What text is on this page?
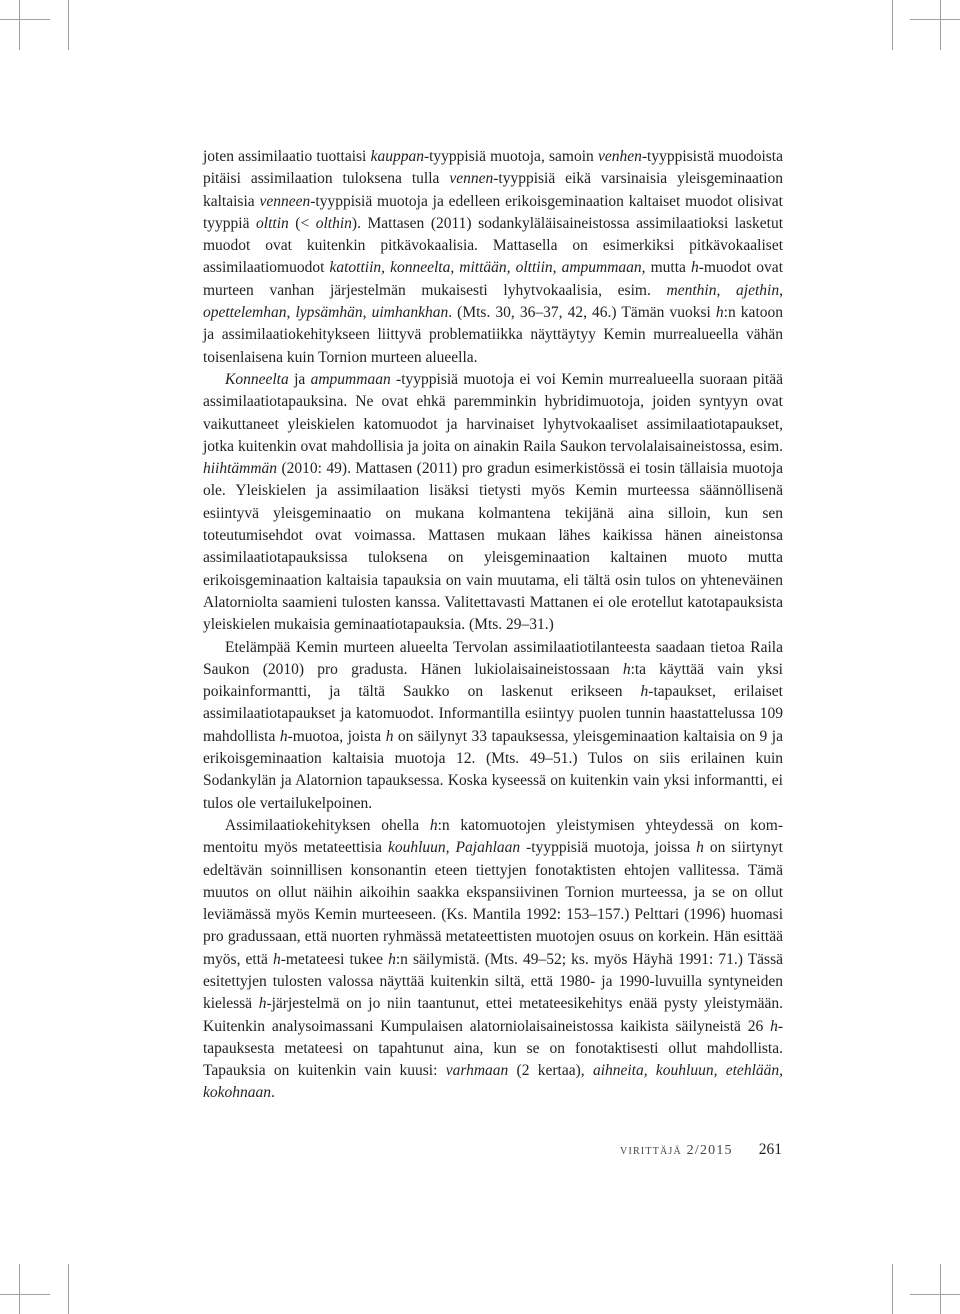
joten assimilaatio tuottaisi kauppan-tyyppisiä muotoja, samoin venhen-tyyppisistä muodoista pitäisi assimilaation tuloksena tulla vennen-tyyppisiä eikä varsinaisia yleisgeminaation kaltaisia venneen-tyyppisiä muotoja ja edelleen erikoisgeminaation kaltaiset muodot olisivat tyyppiä olttin (< olthin). Mattasen (2011) sodankyläläisaineistossa assimilaatioksi lasketut muodot ovat kuitenkin pitkävokaalisia. Mattasella on esimerkiksi pitkävokaaliset assimilaatiomuodot katottiin, konneelta, mittään, olttiin, ampummaan, mutta h-muodot ovat murteen vanhan järjestelmän mukaisesti lyhytvokaalisia, esim. menthin, ajethin, opettelemhan, lypsämhän, uimhankhan. (Mts. 30, 36–37, 42, 46.) Tämän vuoksi h:n katoon ja assimilaatiokehitykseen liittyvä problematiikka näyttäytyy Kemin murrealueella vähän toisenlaisena kuin Tornion murteen alueella.

Konneelta ja ampummaan -tyyppisiä muotoja ei voi Kemin murrealueella suoraan pitää assimilaatiotapauksina. Ne ovat ehkä paremminkin hybridimuotoja, joiden syntyyn ovat vaikuttaneet yleiskielen katomuodot ja harvinaiset lyhytvokaaliset assimilaatiotapaukset, jotka kuitenkin ovat mahdollisia ja joita on ainakin Raila Saukon tervolalaisaineistossa, esim. hiihtämmän (2010: 49). Mattasen (2011) pro gradun esimerkistössä ei tosin tällaisia muotoja ole. Yleiskielen ja assimilaation lisäksi tietysti myös Kemin murteessa säännöllisenä esiintyvä yleisgeminaatio on mukana kolmantena tekijänä aina silloin, kun sen toteutumisehdot ovat voimassa. Mattasen mukaan lähes kaikissa hänen aineistonsa assimilaatiotapauksissa tuloksena on yleisgeminaation kaltainen muoto mutta erikoisgeminaation kaltaisia tapauksia on vain muutama, eli tältä osin tulos on yhteneväinen Alatorniolta saamieni tulosten kanssa. Valitettavasti Mattanen ei ole erotellut katotapauksista yleiskielen mukaisia geminaatiotapauksia. (Mts. 29–31.)

Etelämpää Kemin murteen alueelta Tervolan assimilaatiotilanteesta saadaan tietoa Raila Saukon (2010) pro gradusta. Hänen lukiolaisaineistossaan h:ta käyttää vain yksi poikainformantti, ja tältä Saukko on laskenut erikseen h-tapaukset, erilaiset assimilaatiotapaukset ja katomuodot. Informantilla esiintyy puolen tunnin haastattelussa 109 mahdollista h-muotoa, joista h on säilynyt 33 tapauksessa, yleisgeminaation kaltaisia on 9 ja erikoisgeminaation kaltaisia muotoja 12. (Mts. 49–51.) Tulos on siis erilainen kuin Sodankylän ja Alatornion tapauksessa. Koska kyseessä on kuitenkin vain yksi informantti, ei tulos ole vertailukelpoinen.

Assimilaatiokehityksen ohella h:n katomuotojen yleistymisen yhteydessä on kommentoitu myös metateettisia kouhluun, Pajahlaan -tyyppisiä muotoja, joissa h on siirtynyt edeltävän soinnillisen konsonantin eteen tiettyjen fonotaktisten ehtojen vallitessa. Tämä muutos on ollut näihin aikoihin saakka ekspansiivinen Tornion murteessa, ja se on ollut leviämässä myös Kemin murteeseen. (Ks. Mantila 1992: 153–157.) Pelttari (1996) huomasi pro gradussaan, että nuorten ryhmässä metateettisten muotojen osuus on korkein. Hän esittää myös, että h-metateesi tukee h:n säilymistä. (Mts. 49–52; ks. myös Häyhä 1991: 71.) Tässä esitettyjen tulosten valossa näyttää kuitenkin siltä, että 1980- ja 1990-luvuilla syntyneiden kielessä h-järjestelmä on jo niin taantunut, ettei metateesikehitys enää pysty yleistymään. Kuitenkin analysoimassani Kumpulaisen alatorniolaisaineistossa kaikista säilyneistä 26 h-tapauksesta metateesi on tapahtunut aina, kun se on fonotaktisesti ollut mahdollista. Tapauksia on kuitenkin vain kuusi: varhmaan (2 kertaa), aihneita, kouhluun, etehlään, kokohnaan.

virittäjä 2/2015 261
